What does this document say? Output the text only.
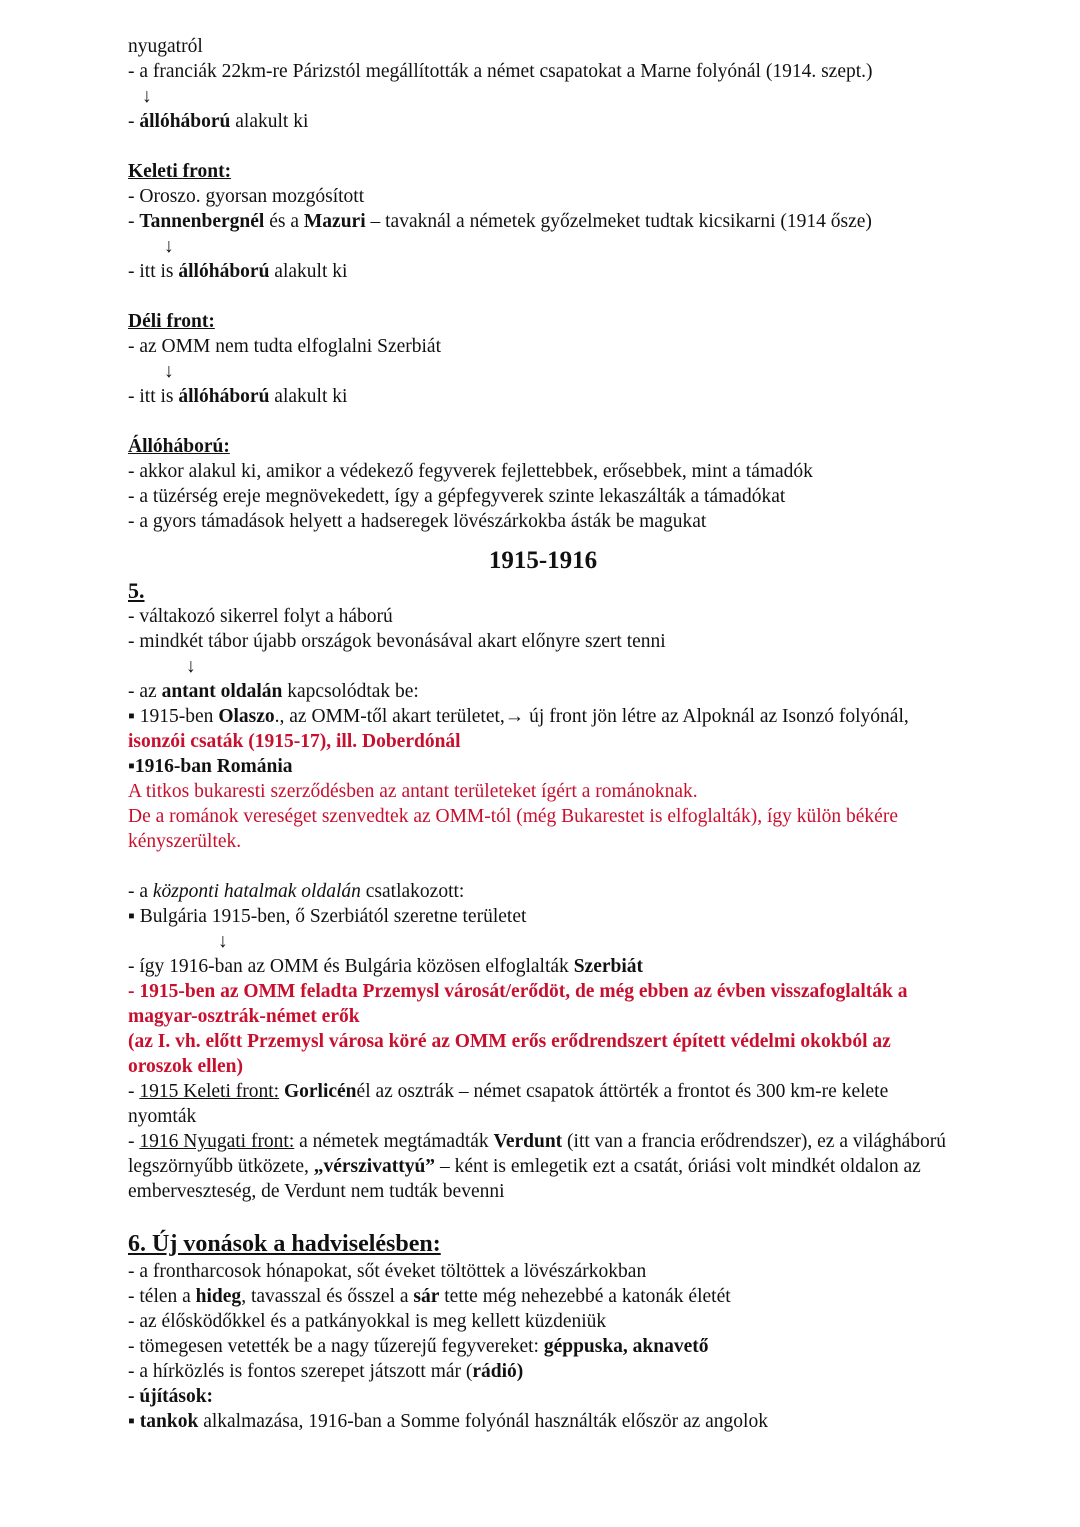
nyugatról
- a franciák 22km-re Párizstól megállították a német csapatokat a Marne folyónál (1914. szept.)
↓
- állóháború alakult ki
Keleti front:
- Oroszo. gyorsan mozgósított
- Tannenbergnél és a Mazuri – tavaknál a németek győzelmeket tudtak kicsikarni (1914 ősze)
↓
- itt is állóháború alakult ki
Déli front:
- az OMM nem tudta elfoglalni Szerbiát
↓
- itt is állóháború alakult ki
Állóháború:
- akkor alakul ki, amikor a védekező fegyverek fejlettebbek, erősebbek, mint a támadók
- a tüzérség ereje megnövekedett, így a gépfegyverek szinte lekaszálták a támadókat
- a gyors támadások helyett a hadseregek lövészárkokba ásták be magukat
1915-1916
5.
- váltakozó sikerrel folyt a háború
- mindkét tábor újabb országok bevonásával akart előnyre szert tenni
↓
- az antant oldalán kapcsolódtak be:
▪ 1915-ben Olaszo., az OMM-től akart területet,→ új front jön létre az Alpoknál az Isonzó folyónál, isonzói csaták (1915-17), ill. Doberdónál
▪1916-ban Románia
A titkos bukaresti szerződésben az antant területeket ígért a románoknak.
De a románok vereséget szenvedtek az OMM-tól (még Bukarestet is elfoglalták), így külön békére kényszerültek.
- a központi hatalmak oldalán csatlakozott:
▪ Bulgária 1915-ben, ő Szerbiától szeretne területet
↓
- így 1916-ban az OMM és Bulgária közösen elfoglalták Szerbiát
- 1915-ben az OMM feladta Przemysl városát/erődöt, de még ebben az évben visszafoglalták a magyar-osztrák-német erők
(az I. vh. előtt Przemysl városa köré az OMM erős erődrendszert épített védelmi okokból az oroszok ellen)
- 1915 Keleti front: Gorlicénél az osztrák – német csapatok áttörték a frontot és 300 km-re kelete nyomták
- 1916 Nyugati front: a németek megtámadták Verdunt (itt van a francia erődrendszer), ez a világháború legszörnyűbb ütközete, „vérszivattyú” – ként is emlegetik ezt a csatát, óriási volt mindkét oldalon az emberveszteség, de Verdunt nem tudták bevenni
6. Új vonások a hadviselésben:
- a frontharcosok hónapokat, sőt éveket töltöttek a lövészárkokban
- télen a hideg, tavasszal és ősszel a sár tette még nehezebbé a katonák életét
- az élősködőkkel és a patkányokkal is meg kellett küzdeniük
- tömegesen vetették be a nagy tűzerejű fegyvereket: géppuska, aknavető
- a hírközlés is fontos szerepet játszott már (rádió)
- újítások:
▪ tankok alkalmazása, 1916-ban a Somme folyónál használták először az angolok
